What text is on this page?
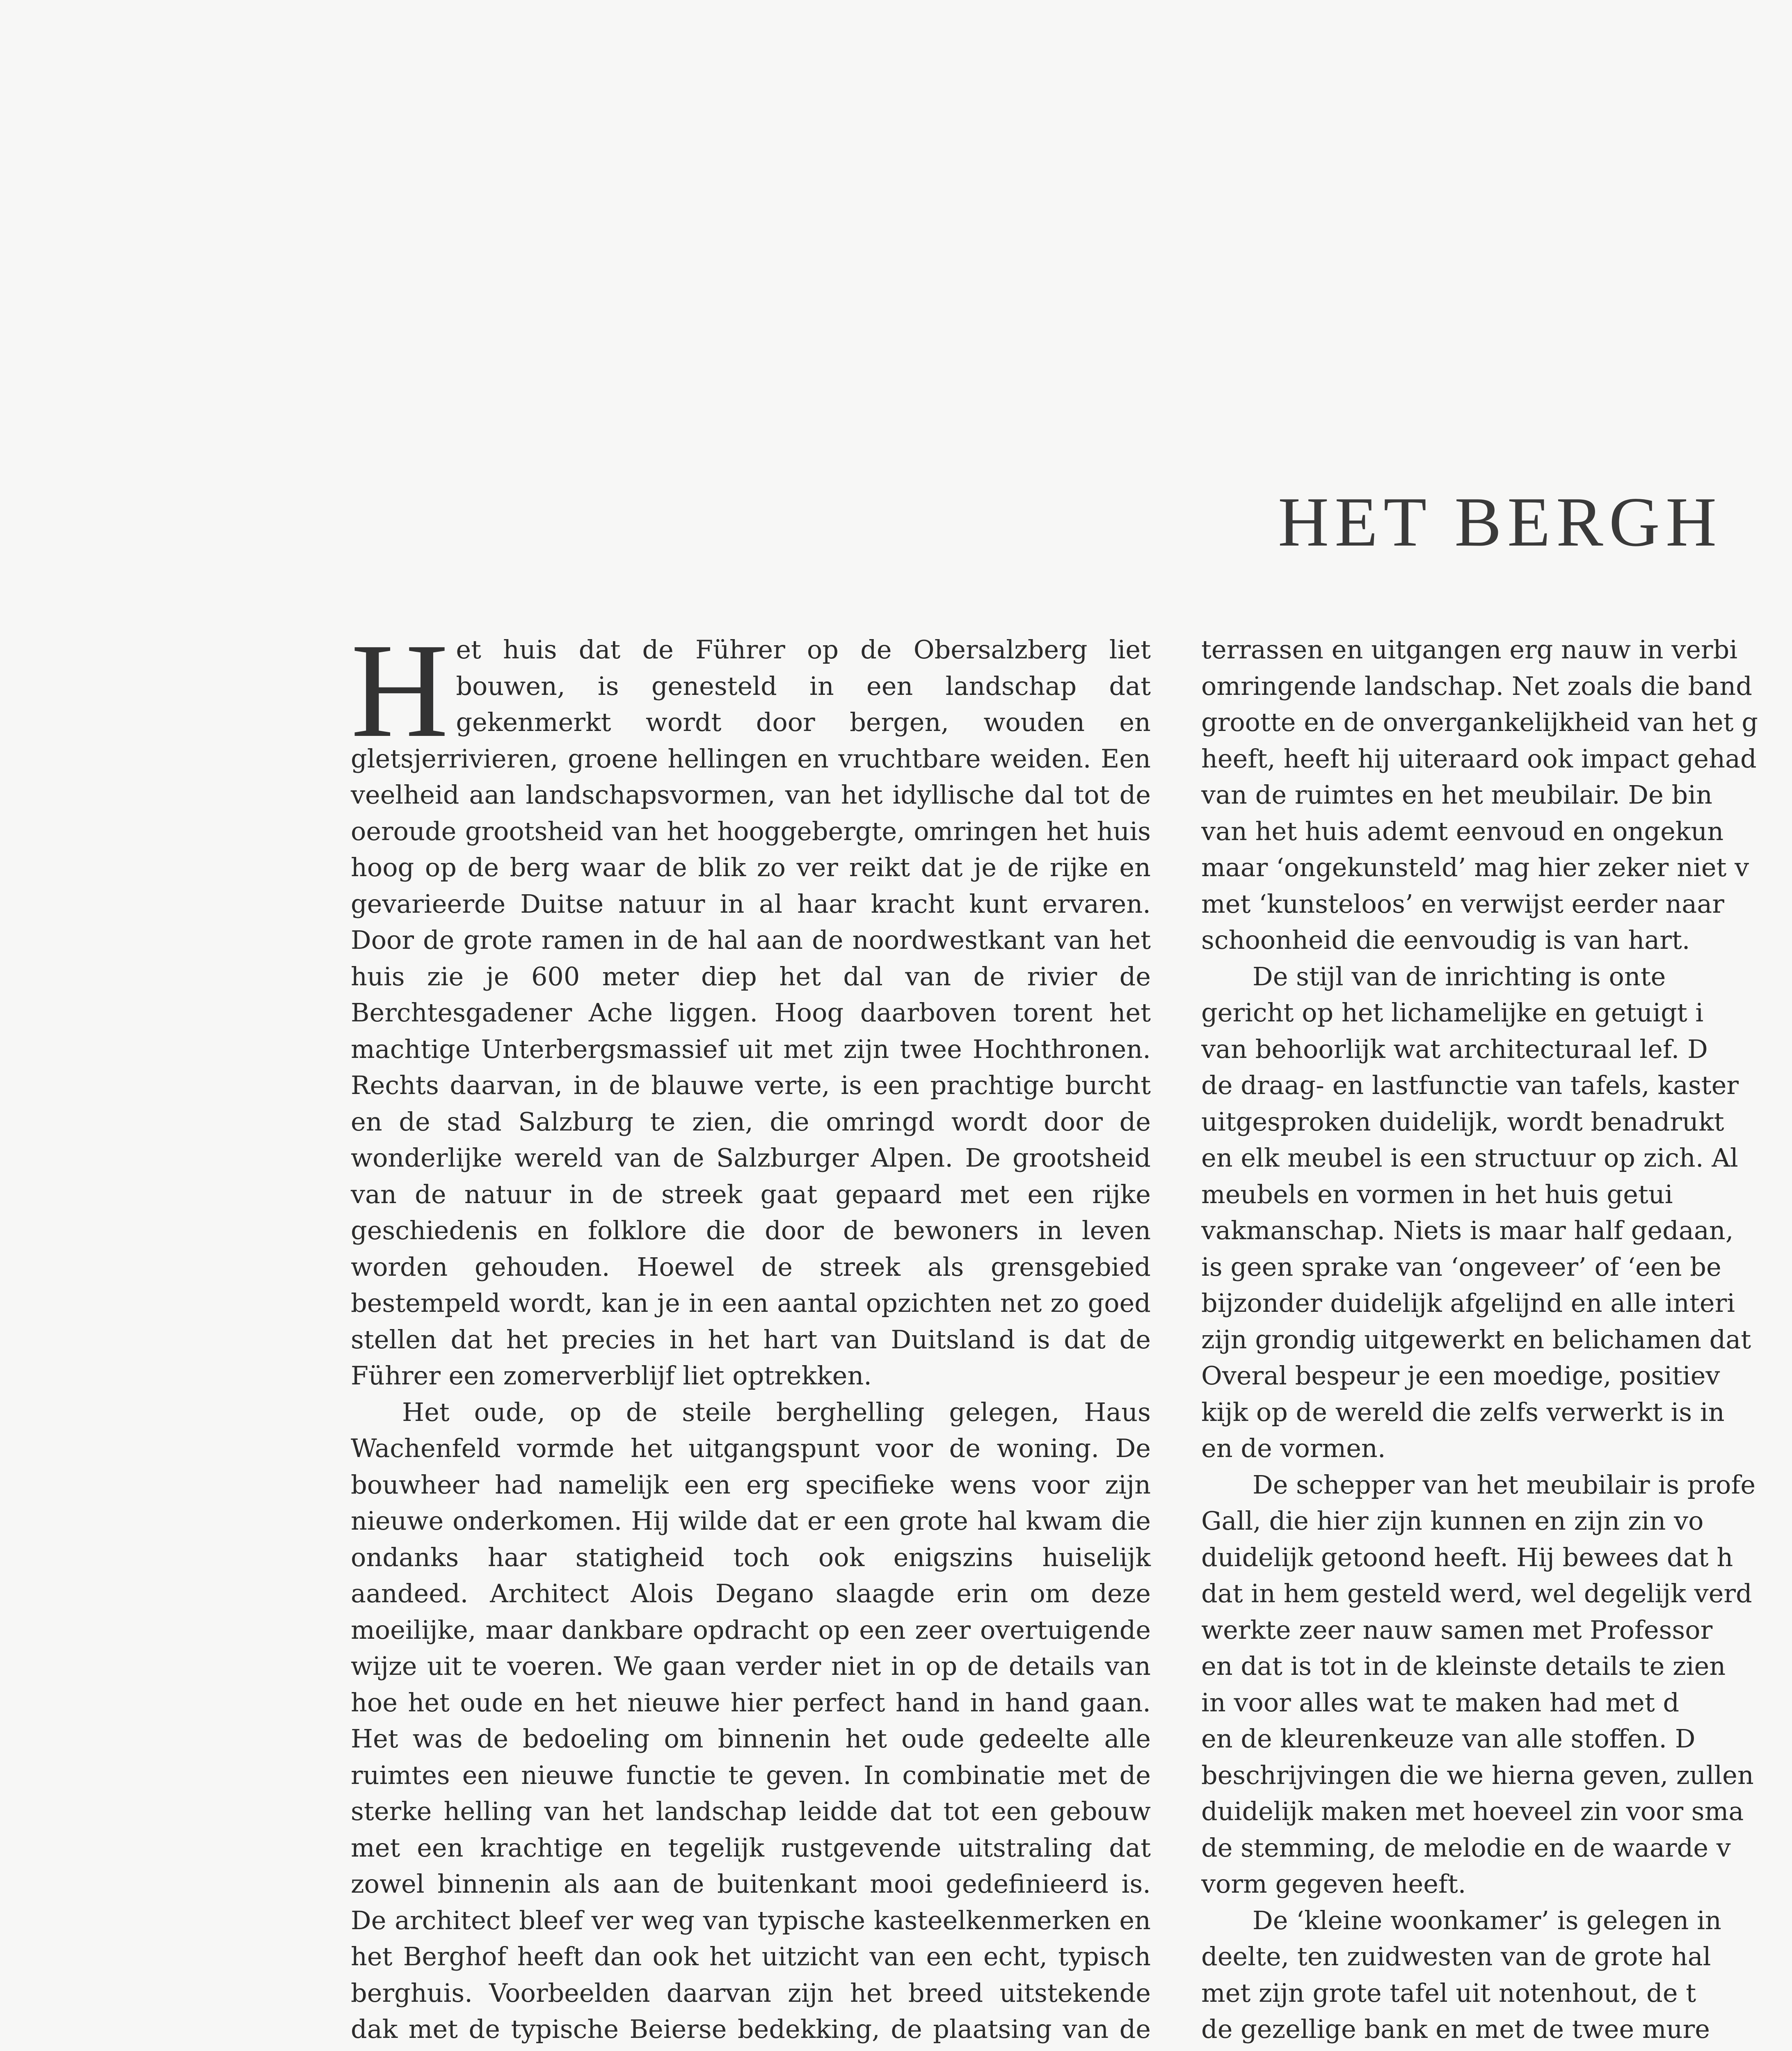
HET BERGH

Het huis dat de Führer op de Obersalzberg liet bouwen, is genesteld in een landschap dat gekenmerkt wordt door bergen, wouden en gletsjerrivieren, groene hellingen en vruchtbare weiden. Een veelheid aan landschapsvormen, van het idyllische dal tot de oeroude grootsheid van het hooggebergte, omringen het huis hoog op de berg waar de blik zo ver reikt dat je de rijke en gevarieerde Duitse natuur in al haar kracht kunt ervaren. Door de grote ramen in de hal aan de noordwestkant van het huis zie je 600 meter diep het dal van de rivier de Berchtesgadener Ache liggen. Hoog daarboven torent het machtige Unterbergsmassief uit met zijn twee Hochthronen. Rechts daarvan, in de blauwe verte, is een prachtige burcht en de stad Salzburg te zien, die omringd wordt door de wonderlijke wereld van de Salzburger Alpen. De grootsheid van de natuur in de streek gaat gepaard met een rijke geschiedenis en folklore die door de bewoners in leven worden gehouden. Hoewel de streek als grensgebied bestempeld wordt, kan je in een aantal opzichten net zo goed stellen dat het precies in het hart van Duitsland is dat de Führer een zomerverblijf liet optrekken.

Het oude, op de steile berghelling gelegen, Haus Wachenfeld vormde het uitgangspunt voor de woning. De bouwheer had namelijk een erg specifieke wens voor zijn nieuwe onderkomen. Hij wilde dat er een grote hal kwam die ondanks haar statigheid toch ook enigszins huiselijk aandeed. Architect Alois Degano slaagde erin om deze moeilijke, maar dankbare opdracht op een zeer overtuigende wijze uit te voeren. We gaan verder niet in op de details van hoe het oude en het nieuwe hier perfect hand in hand gaan. Het was de bedoeling om binnenin het oude gedeelte alle ruimtes een nieuwe functie te geven. In combinatie met de sterke helling van het landschap leidde dat tot een gebouw met een krachtige en tegelijk rustgevende uitstraling dat zowel binnenin als aan de buitenkant mooi gedefinieerd is. De architect bleef ver weg van typische kasteelkenmerken en het Berghof heeft dan ook het uitzicht van een echt, typisch berghuis. Voorbeelden daarvan zijn het breed uitstekende dak met de typische Beierse bedekking, de plaatsing van de

terrassen en uitgangen erg nauw in verbi
omringende landschap. Net zoals die band
grootte en de onvergankelijkheid van het g
heeft, heeft hij uiteraard ook impact gehad
van de ruimtes en het meubilair. De bin
van het huis ademt eenvoud en ongekun
maar ‘ongekunsteld’ mag hier zeker niet v
met ‘kunsteloos’ en verwijst eerder naar
schoonheid die eenvoudig is van hart.
De stijl van de inrichting is onte
gericht op het lichamelijke en getuigt i
van behoorlijk wat architecturaal lef. D
de draag- en lastfunctie van tafels, kaster
uitgesproken duidelijk, wordt benadrukt
en elk meubel is een structuur op zich. Al
meubels en vormen in het huis getui
vakmanschap. Niets is maar half gedaan,
is geen sprake van ‘ongeveer’ of ‘een be
bijzonder duidelijk afgelijnd en alle interi
zijn grondig uitgewerkt en belichamen dat
Overal bespeur je een moedige, positiev
kijk op de wereld die zelfs verwerkt is in
en de vormen.
De schepper van het meubilair is profe
Gall, die hier zijn kunnen en zijn zin vo
duidelijk getoond heeft. Hij bewees dat h
dat in hem gesteld werd, wel degelijk verd
werkte zeer nauw samen met Professor
en dat is tot in de kleinste details te zien
in voor alles wat te maken had met d
en de kleurenkeuze van alle stoffen. D
beschrijvingen die we hierna geven, zullen
duidelijk maken met hoeveel zin voor sma
de stemming, de melodie en de waarde v
vorm gegeven heeft.
De ‘kleine woonkamer’ is gelegen in
deelte, ten zuidwesten van de grote hal
met zijn grote tafel uit notenhout, de t
de gezellige bank en met de twee mure
